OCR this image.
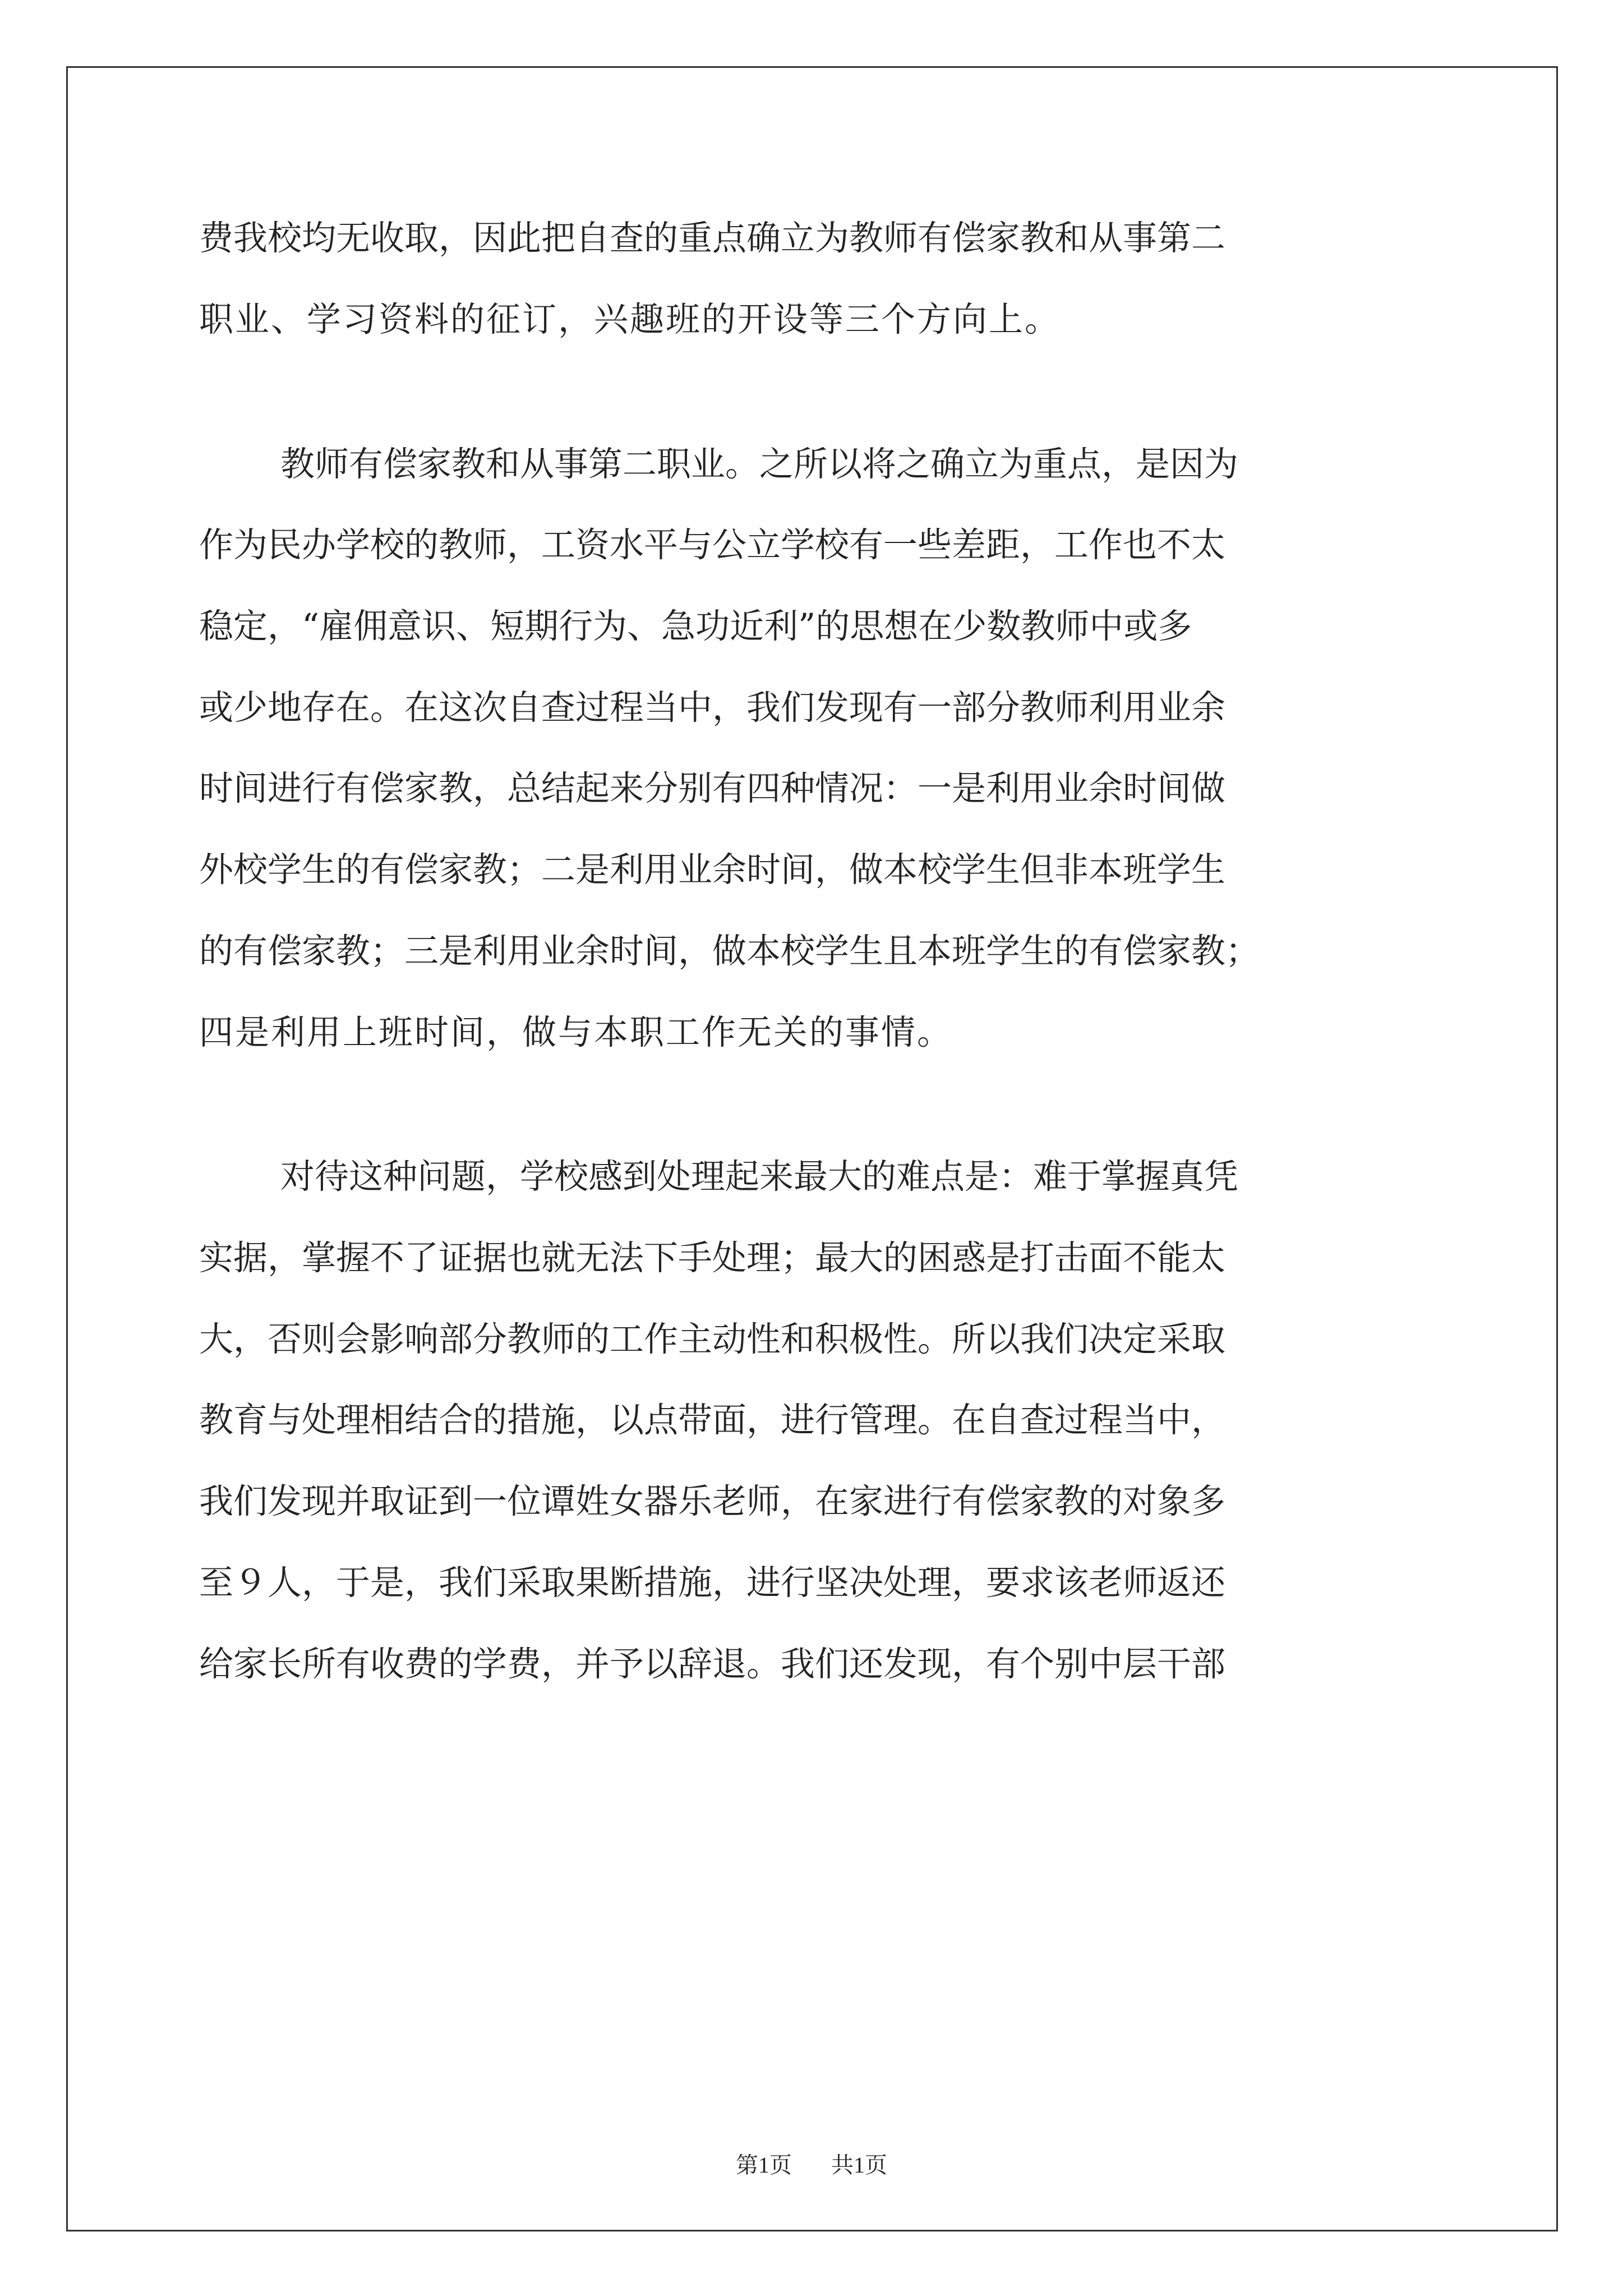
费我校均无收取，因此把自查的重点确立为教师有偿家教和从事第二
职业、学习资料的征订，兴趣班的开设等三个方向上。
教师有偿家教和从事第二职业。之所以将之确立为重点，是因为
作为民办学校的教师，工资水平与公立学校有一些差距，工作也不太
稳定，“雇佣意识、短期行为、急功近利”的思想在少数教师中或多
或少地存在。在这次自查过程当中，我们发现有一部分教师利用业余
时间进行有偿家教，总结起来分别有四种情况：一是利用业余时间做
外校学生的有偿家教；二是利用业余时间，做本校学生但非本班学生
的有偿家教；三是利用业余时间，做本校学生且本班学生的有偿家教；
四是利用上班时间，做与本职工作无关的事情。
对待这种问题，学校感到处理起来最大的难点是：难于掌握真凭
实据，掌握不了证据也就无法下手处理；最大的困惑是打击面不能太
大，否则会影响部分教师的工作主动性和积极性。所以我们决定采取
教育与处理相结合的措施，以点带面，进行管理。在自查过程当中，
我们发现并取证到一位谭姓女器乐老师，在家进行有偿家教的对象多
至９人，于是，我们采取果断措施，进行坚决处理，要求该老师返还
给家长所有收费的学费，并予以辞退。我们还发现，有个别中层干部
第1页 共1页
